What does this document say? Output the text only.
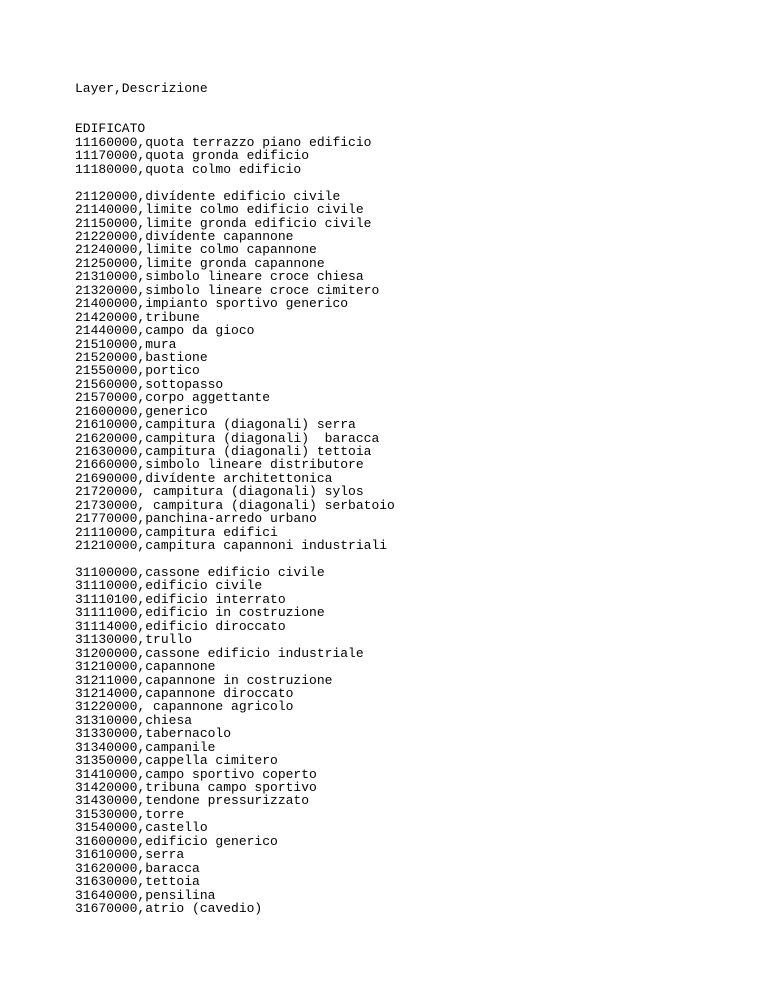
Layer,Descrizione
EDIFICATO
11160000,quota terrazzo piano edificio
11170000,quota gronda edificio
11180000,quota colmo edificio
21120000,divídente edificio civile
21140000,limite colmo edificio civile
21150000,limite gronda edificio civile
21220000,divídente capannone
21240000,limite colmo capannone
21250000,limite gronda capannone
21310000,simbolo lineare croce chiesa
21320000,simbolo lineare croce cimitero
21400000,impianto sportivo generico
21420000,tribune
21440000,campo da gioco
21510000,mura
21520000,bastione
21550000,portico
21560000,sottopasso
21570000,corpo aggettante
21600000,generico
21610000,campitura (diagonali) serra
21620000,campitura (diagonali)  baracca
21630000,campitura (diagonali) tettoia
21660000,simbolo lineare distributore
21690000,divídente architettonica
21720000, campitura (diagonali) sylos
21730000, campitura (diagonali) serbatoio
21770000,panchina-arredo urbano
21110000,campitura edifici
21210000,campitura capannoni industriali
31100000,cassone edificio civile
31110000,edificio civile
31110100,edificio interrato
31111000,edificio in costruzione
31114000,edificio diroccato
31130000,trullo
31200000,cassone edificio industriale
31210000,capannone
31211000,capannone in costruzione
31214000,capannone diroccato
31220000, capannone agricolo
31310000,chiesa
31330000,tabernacolo
31340000,campanile
31350000,cappella cimitero
31410000,campo sportivo coperto
31420000,tribuna campo sportivo
31430000,tendone pressurizzato
31530000,torre
31540000,castello
31600000,edificio generico
31610000,serra
31620000,baracca
31630000,tettoia
31640000,pensilina
31670000,atrio (cavedio)
